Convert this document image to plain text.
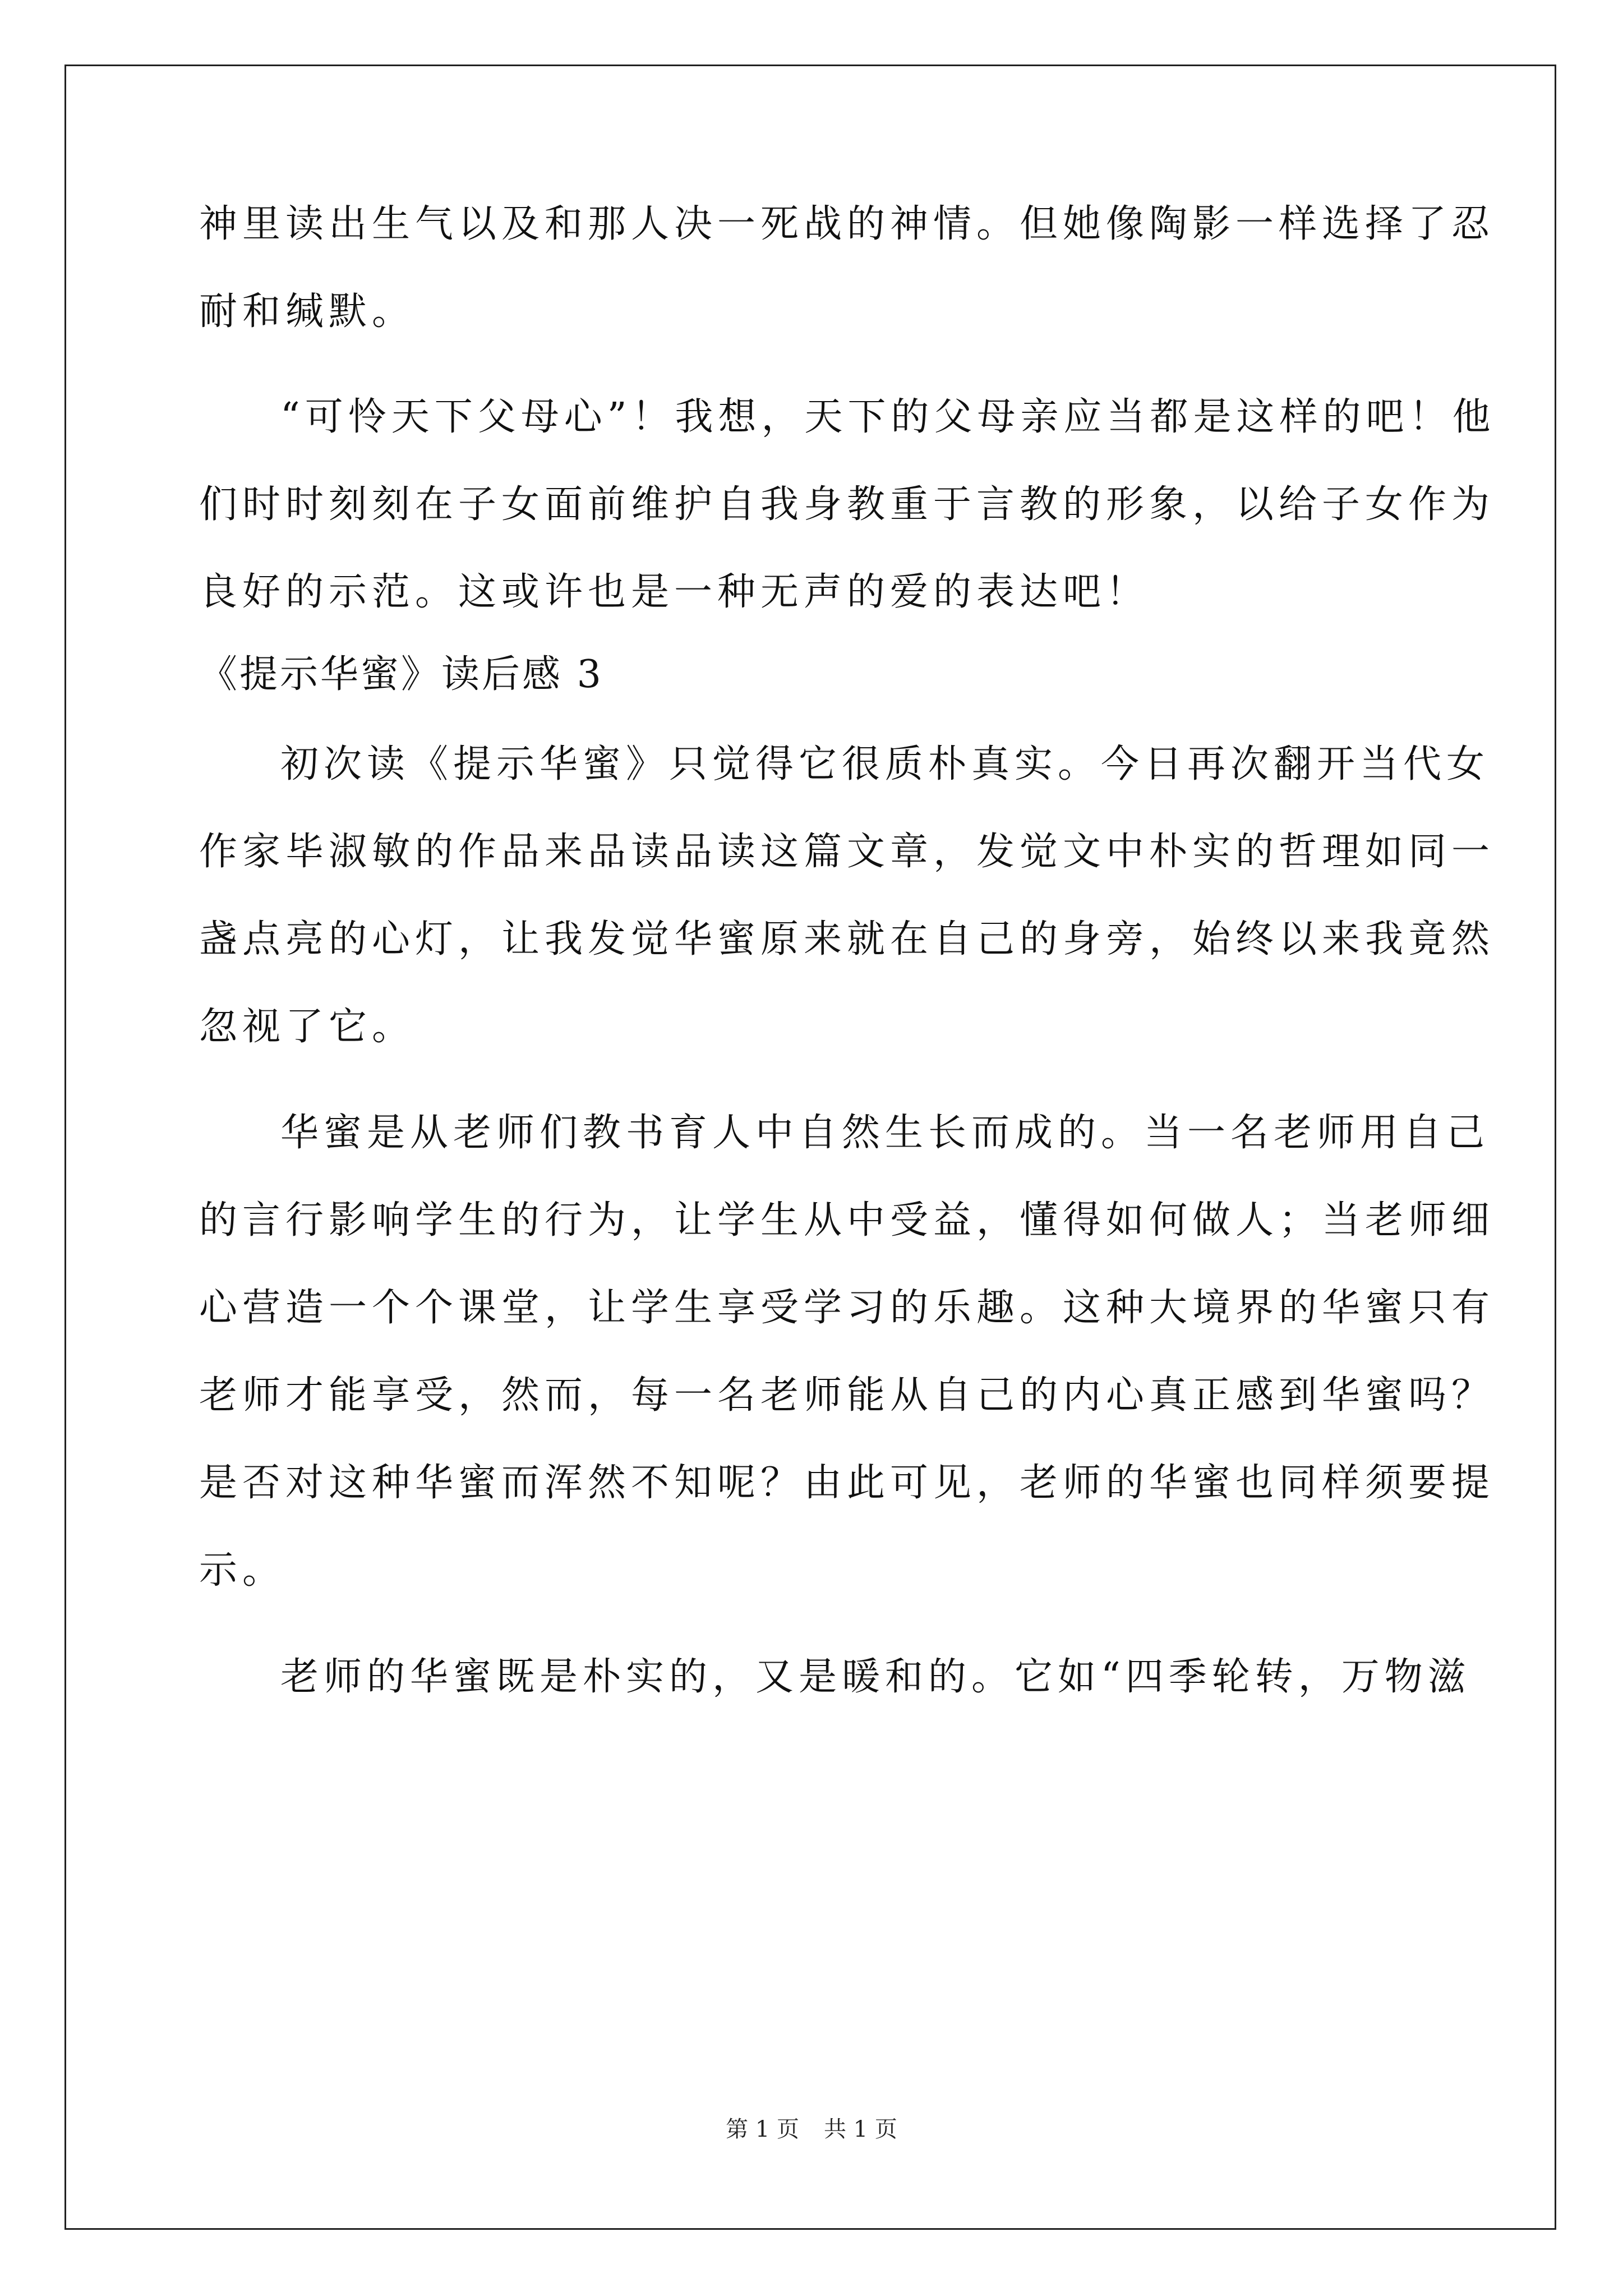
神里读出生气以及和那人决一死战的神情。但她像陶影一样选择了忍
耐和缄默。
“可怜天下父母心”！我想，天下的父母亲应当都是这样的吧！他
们时时刻刻在子女面前维护自我身教重于言教的形象，以给子女作为
良好的示范。这或许也是一种无声的爱的表达吧！
《提示华蜜》读后感 3
初次读《提示华蜜》只觉得它很质朴真实。今日再次翻开当代女
作家毕淑敏的作品来品读品读这篇文章，发觉文中朴实的哲理如同一
盏点亮的心灯，让我发觉华蜜原来就在自己的身旁，始终以来我竟然
忽视了它。
华蜜是从老师们教书育人中自然生长而成的。当一名老师用自己
的言行影响学生的行为，让学生从中受益，懂得如何做人；当老师细
心营造一个个课堂，让学生享受学习的乐趣。这种大境界的华蜜只有
老师才能享受，然而，每一名老师能从自己的内心真正感到华蜜吗？
是否对这种华蜜而浑然不知呢？由此可见，老师的华蜜也同样须要提
示。
老师的华蜜既是朴实的，又是暖和的。它如“四季轮转，万物滋
第 1 页 共 1 页
